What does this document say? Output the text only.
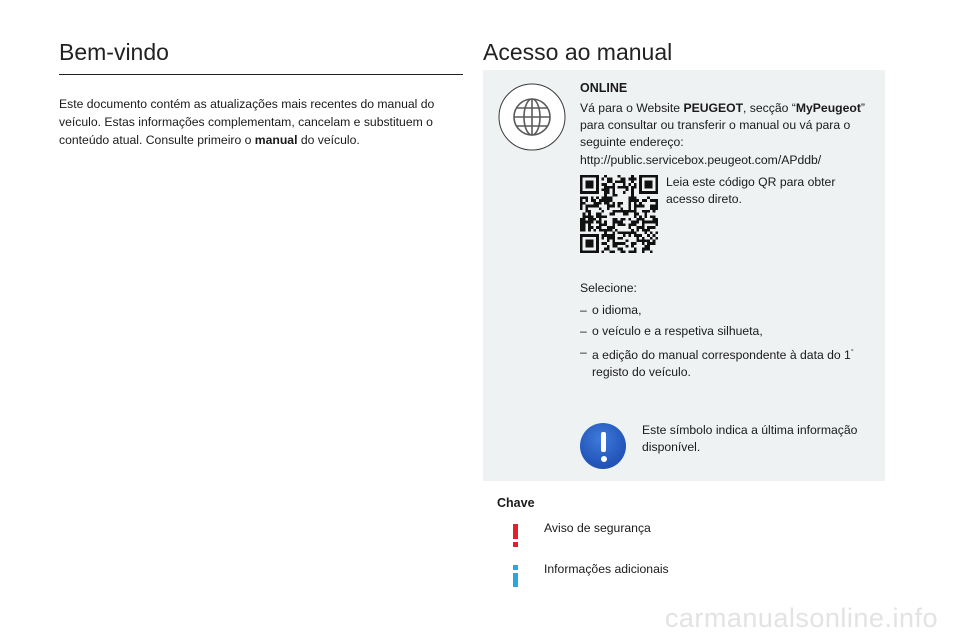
Bem-vindo
Este documento contém as atualizações mais recentes do manual do veículo. Estas informações complementam, cancelam e substituem o conteúdo atual. Consulte primeiro o manual do veículo.
Acesso ao manual
ONLINE
Vá para o Website PEUGEOT, secção “MyPeugeot” para consultar ou transferir o manual ou vá para o seguinte endereço:
http://public.servicebox.peugeot.com/APddb/
Leia este código QR para obter acesso direto.
Selecione:
– o idioma,
– o veículo e a respetiva silhueta,
– a edição do manual correspondente à data do 1° registo do veículo.
Este símbolo indica a última informação disponível.
Chave
Aviso de segurança
Informações adicionais
carmanualsonline.info
